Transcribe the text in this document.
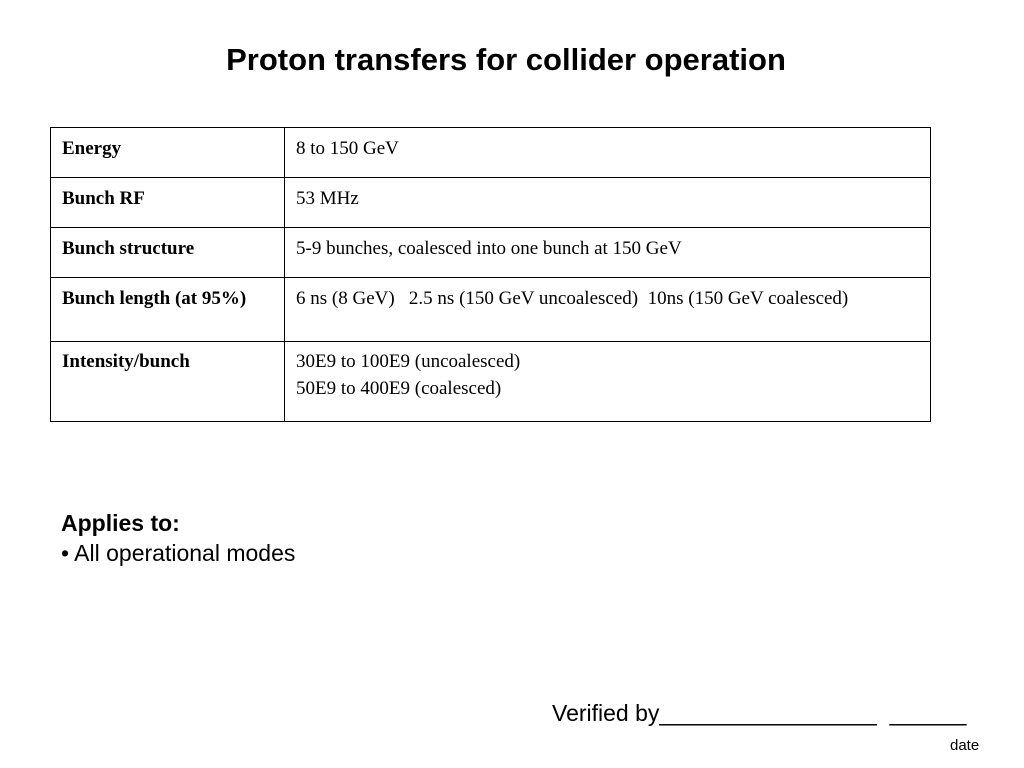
Proton transfers for collider operation
Energy	8 to 150 GeV

Bunch RF	53 MHz

Bunch structure	5-9 bunches, coalesced into one bunch at 150 GeV

Bunch length (at 95%)	6 ns (8 GeV)   2.5 ns (150 GeV uncoalesced)  10ns (150 GeV coalesced)

Intensity/bunch	30E9 to 100E9 (uncoalesced)
50E9 to 400E9 (coalesced)
Applies to:
• All operational modes
Verified by_________________  ______
date
